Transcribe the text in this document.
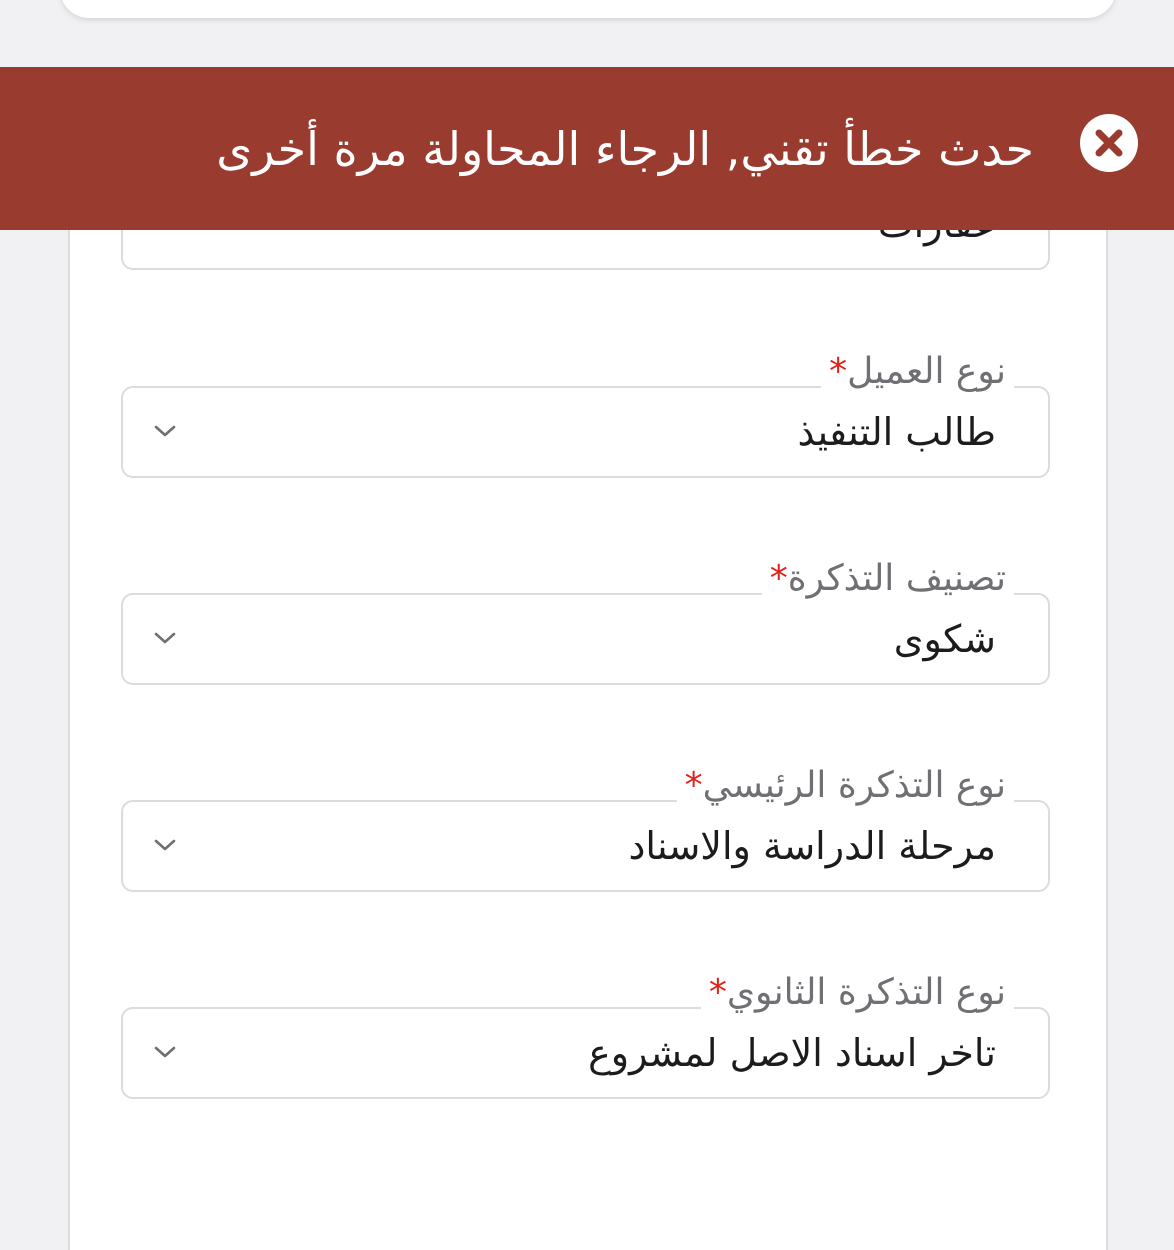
طالب التنفيذ
نوع العميل*
شكوى
تصنيف التذكرة*
مرحلة الدراسة والاسناد
نوع التذكرة الرئيسي*
تاخر اسناد الاصل لمشروع
نوع التذكرة الثانوي*
حدث خطأ تقني, الرجاء المحاولة مرة أخرى
